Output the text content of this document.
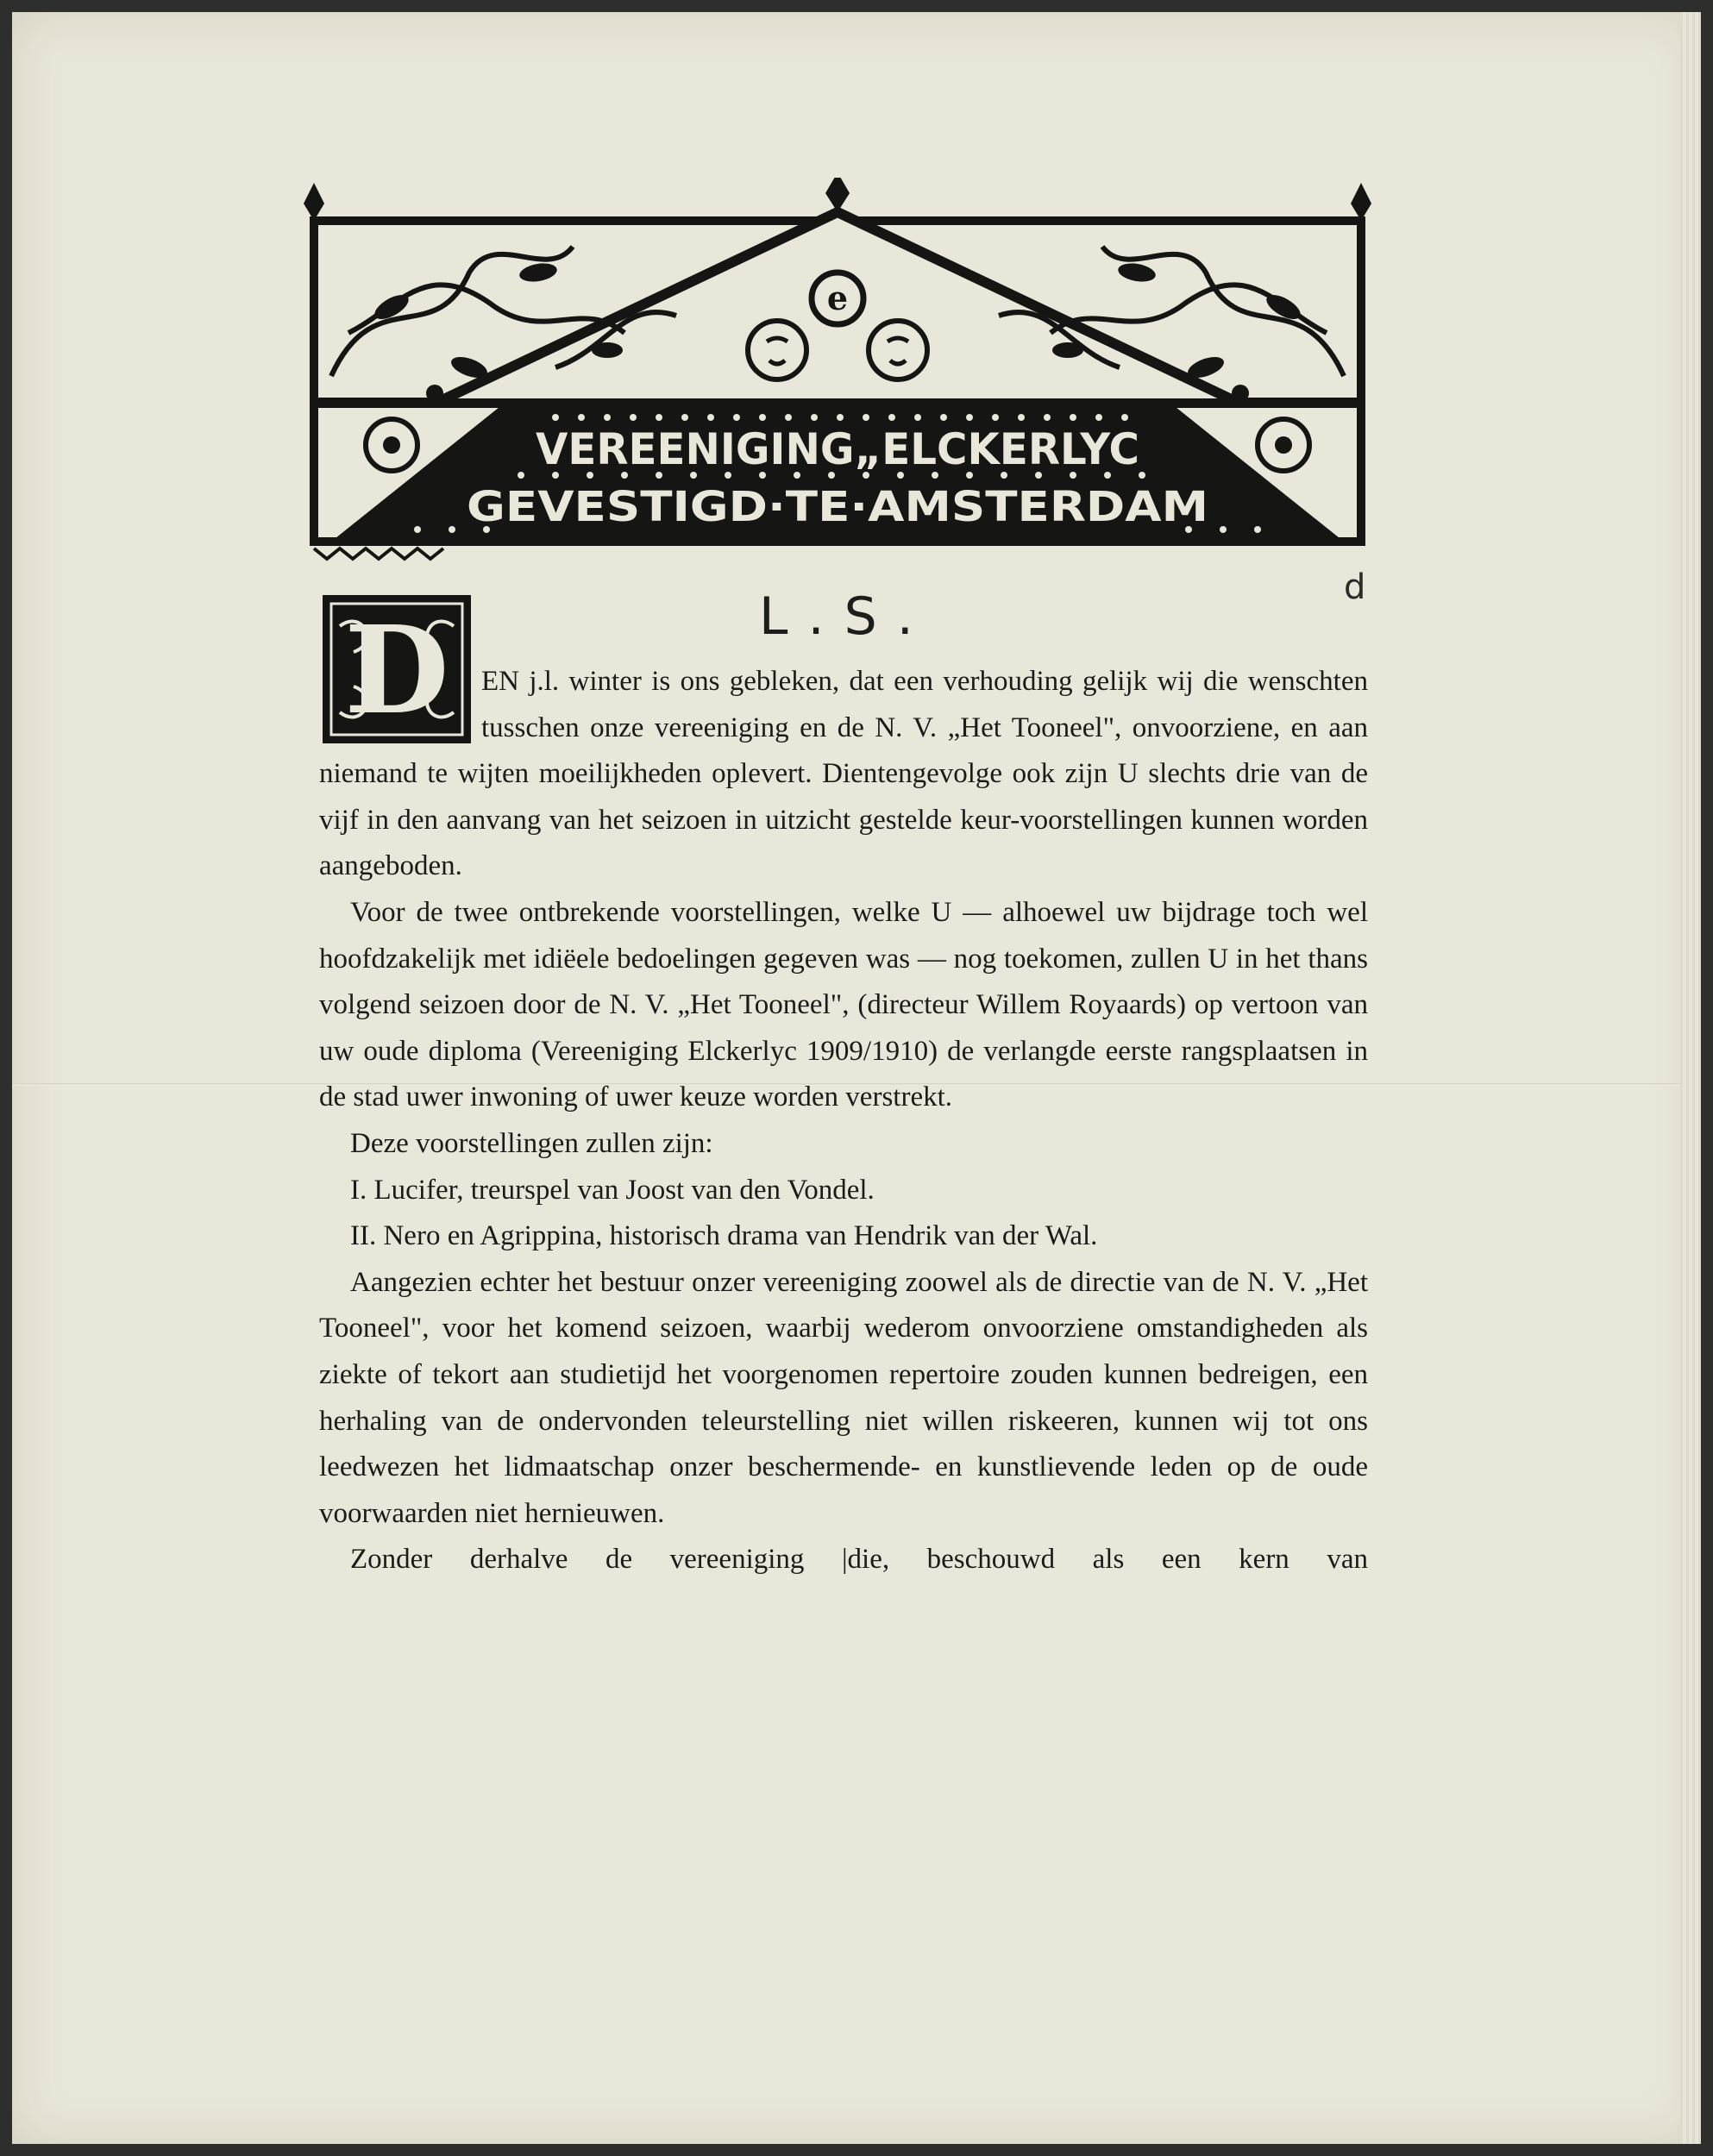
e
VEREENIGING„ELCKERLYC
GEVESTIGD·TE·AMSTERDAM
d
L . S .
D	EN j.l. winter is ons gebleken, dat een verhouding gelijk wij die wenschten tusschen onze vereeniging en de N. V. „Het Tooneel", onvoorziene, en aan niemand te wijten moeilijkheden oplevert. Dientengevolge ook zijn U slechts drie van de vijf in den aanvang van het seizoen in uitzicht gestelde keur-voorstellingen kunnen worden aangeboden.

Voor de twee ontbrekende voorstellingen, welke U — alhoewel uw bijdrage toch wel hoofdzakelijk met idiëele bedoelingen gegeven was — nog toekomen, zullen U in het thans volgend seizoen door de N. V. „Het Tooneel", (directeur Willem Royaards) op vertoon van uw oude diploma (Vereeniging Elckerlyc 1909/1910) de verlangde eerste rangsplaatsen in de stad uwer inwoning of uwer keuze worden verstrekt.

Deze voorstellingen zullen zijn:

I. Lucifer, treurspel van Joost van den Vondel.

II. Nero en Agrippina, historisch drama van Hendrik van der Wal.

Aangezien echter het bestuur onzer vereeniging zoowel als de directie van de N. V. „Het Tooneel", voor het komend seizoen, waarbij wederom onvoorziene omstandigheden als ziekte of tekort aan studietijd het voorgenomen repertoire zouden kunnen bedreigen, een herhaling van de ondervonden teleurstelling niet willen riskeeren, kunnen wij tot ons leedwezen het lidmaatschap onzer beschermende- en kunstlievende leden op de oude voorwaarden niet hernieuwen.

Zonder derhalve de vereeniging |die, beschouwd als een kern van
